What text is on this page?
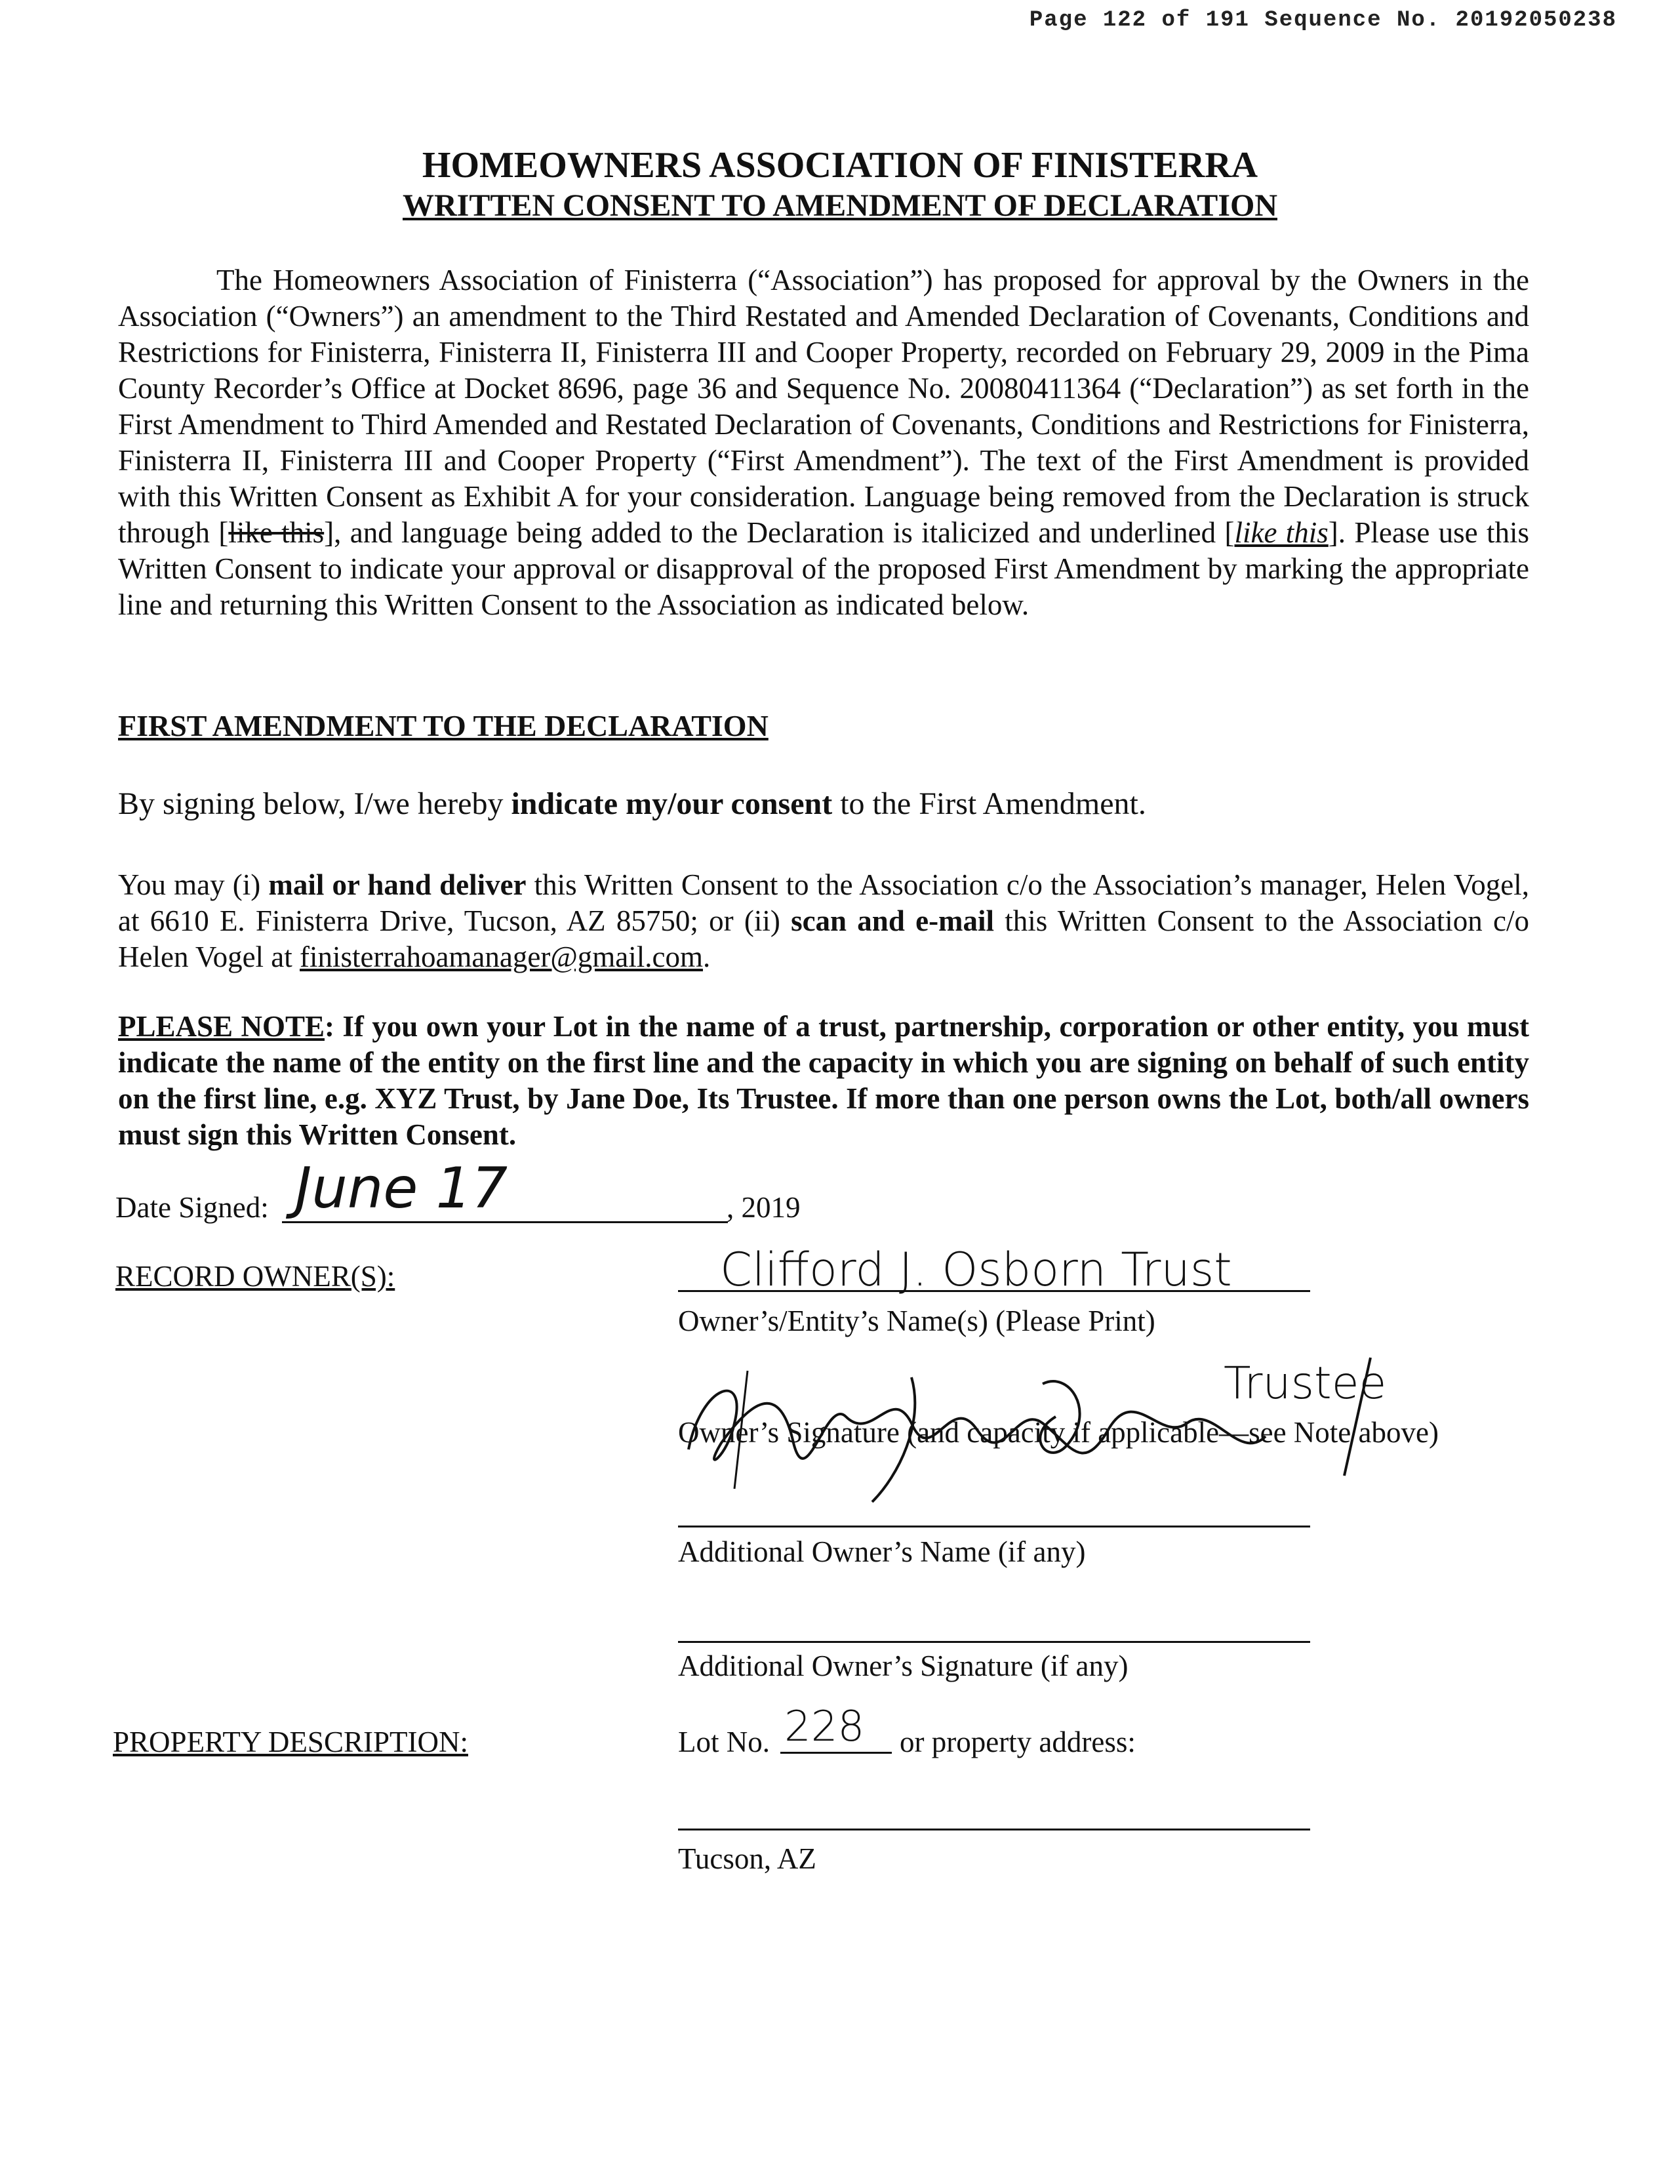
Page 122 of 191 Sequence No. 20192050238
HOMEOWNERS ASSOCIATION OF FINISTERRA
WRITTEN CONSENT TO AMENDMENT OF DECLARATION
The Homeowners Association of Finisterra (“Association”) has proposed for approval by the Owners in the Association (“Owners”) an amendment to the Third Restated and Amended Declaration of Covenants, Conditions and Restrictions for Finisterra, Finisterra II, Finisterra III and Cooper Property, recorded on February 29, 2009 in the Pima County Recorder’s Office at Docket 8696, page 36 and Sequence No. 20080411364 (“Declaration”) as set forth in the First Amendment to Third Amended and Restated Declaration of Covenants, Conditions and Restrictions for Finisterra, Finisterra II, Finisterra III and Cooper Property (“First Amendment”). The text of the First Amendment is provided with this Written Consent as Exhibit A for your consideration. Language being removed from the Declaration is struck through [like this], and language being added to the Declaration is italicized and underlined [like this]. Please use this Written Consent to indicate your approval or disapproval of the proposed First Amendment by marking the appropriate line and returning this Written Consent to the Association as indicated below.
FIRST AMENDMENT TO THE DECLARATION
By signing below, I/we hereby indicate my/our consent to the First Amendment.
You may (i) mail or hand deliver this Written Consent to the Association c/o the Association’s manager, Helen Vogel, at 6610 E. Finisterra Drive, Tucson, AZ 85750; or (ii) scan and e-mail this Written Consent to the Association c/o Helen Vogel at finisterrahoamanager@gmail.com.
PLEASE NOTE: If you own your Lot in the name of a trust, partnership, corporation or other entity, you must indicate the name of the entity on the first line and the capacity in which you are signing on behalf of such entity on the first line, e.g. XYZ Trust, by Jane Doe, Its Trustee. If more than one person owns the Lot, both/all owners must sign this Written Consent.
Date Signed: June 17	, 2019
RECORD OWNER(S):	Clifford J. Osborn Trust
Owner’s/Entity’s Name(s) (Please Print)
Owner’s Signature (and capacity if applicable—see Note above)
Trustee
Additional Owner’s Name (if any)
Additional Owner’s Signature (if any)
PROPERTY DESCRIPTION:	Lot No. 228 or property address:
Tucson, AZ
